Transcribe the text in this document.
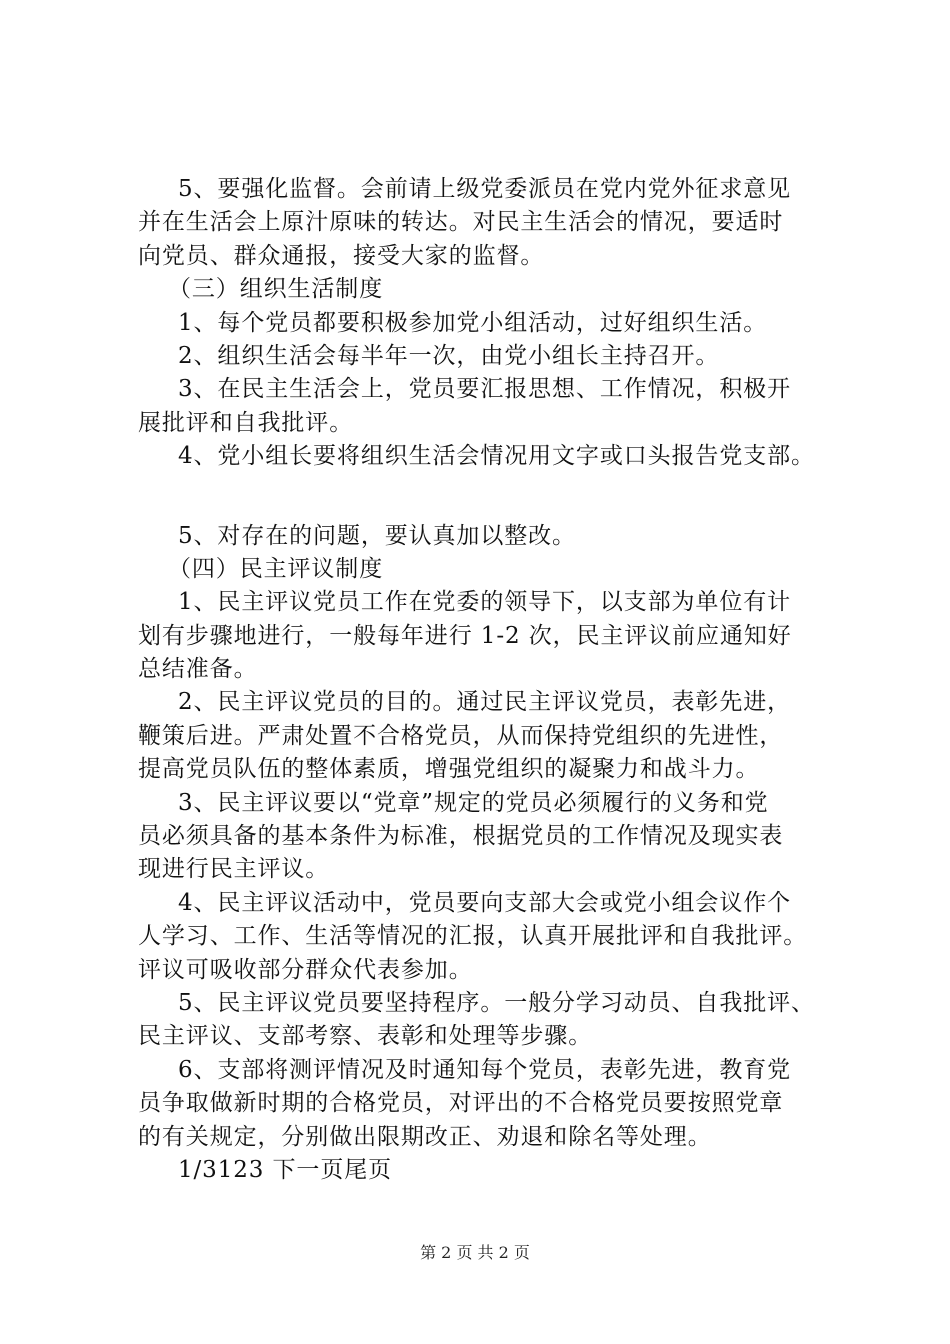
5、要强化监督。会前请上级党委派员在党内党外征求意见
并在生活会上原汁原味的转达。对民主生活会的情况，要适时
向党员、群众通报，接受大家的监督。
（三）组织生活制度
1、每个党员都要积极参加党小组活动，过好组织生活。
2、组织生活会每半年一次，由党小组长主持召开。
3、在民主生活会上，党员要汇报思想、工作情况，积极开
展批评和自我批评。
4、党小组长要将组织生活会情况用文字或口头报告党支部。
5、对存在的问题，要认真加以整改。
（四）民主评议制度
1、民主评议党员工作在党委的领导下，以支部为单位有计
划有步骤地进行，一般每年进行 1-2 次，民主评议前应通知好
总结准备。
2、民主评议党员的目的。通过民主评议党员，表彰先进，
鞭策后进。严肃处置不合格党员，从而保持党组织的先进性，
提高党员队伍的整体素质，增强党组织的凝聚力和战斗力。
3、民主评议要以“党章”规定的党员必须履行的义务和党
员必须具备的基本条件为标准，根据党员的工作情况及现实表
现进行民主评议。
4、民主评议活动中，党员要向支部大会或党小组会议作个
人学习、工作、生活等情况的汇报，认真开展批评和自我批评。
评议可吸收部分群众代表参加。
5、民主评议党员要坚持程序。一般分学习动员、自我批评、
民主评议、支部考察、表彰和处理等步骤。
6、支部将测评情况及时通知每个党员，表彰先进，教育党
员争取做新时期的合格党员，对评出的不合格党员要按照党章
的有关规定，分别做出限期改正、劝退和除名等处理。
1/3123 下一页尾页
第 2 页 共 2 页
